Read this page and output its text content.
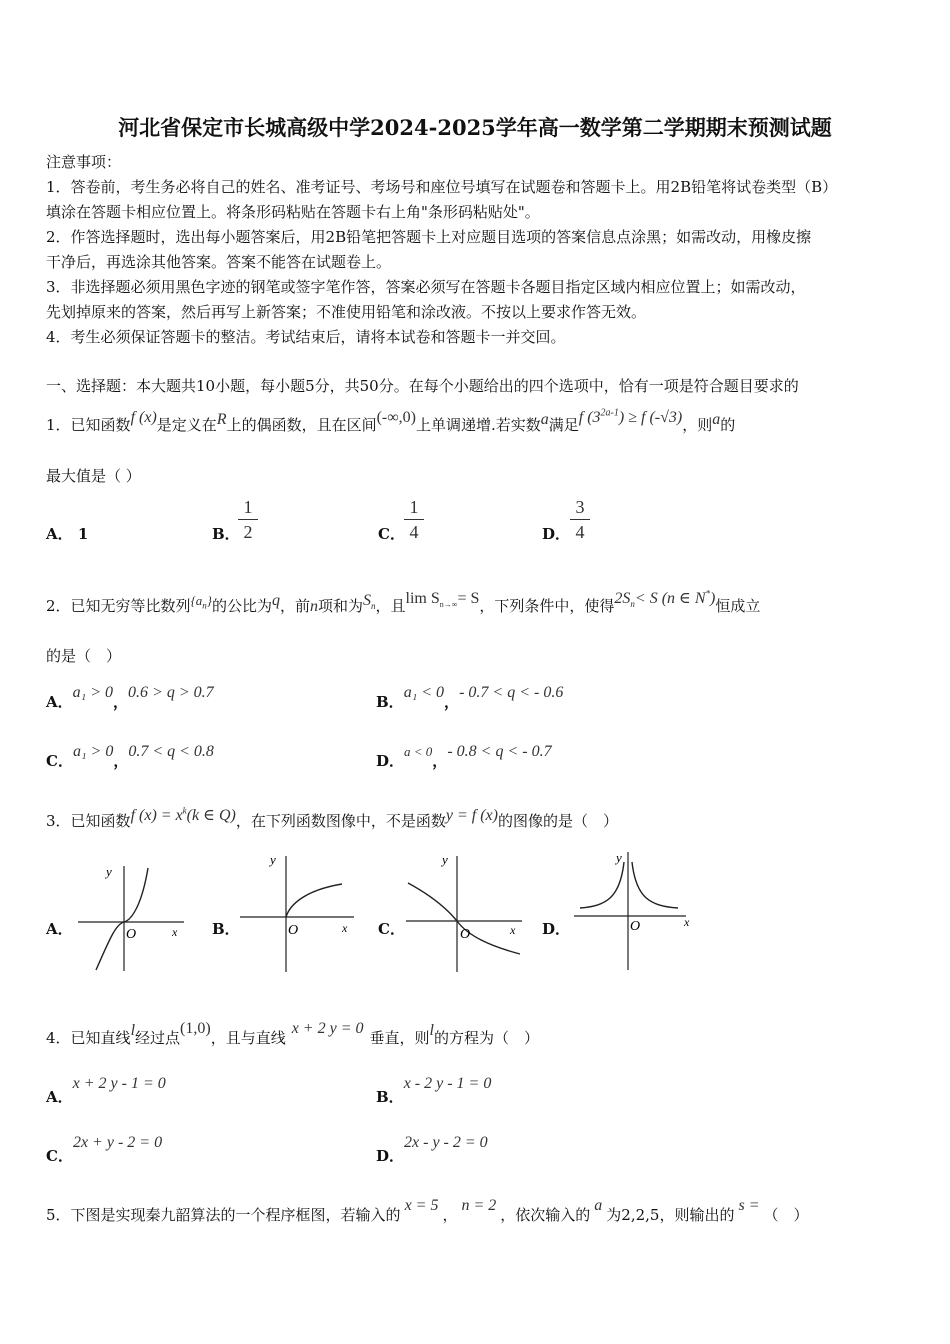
河北省保定市长城高级中学2024-2025学年高一数学第二学期期末预测试题
注意事项：
1．答卷前，考生务必将自己的姓名、准考证号、考场号和座位号填写在试题卷和答题卡上。用2B铅笔将试卷类型（B）
填涂在答题卡相应位置上。将条形码粘贴在答题卡右上角"条形码粘贴处"。
2．作答选择题时，选出每小题答案后，用2B铅笔把答题卡上对应题目选项的答案信息点涂黑；如需改动，用橡皮擦
干净后，再选涂其他答案。答案不能答在试题卷上。
3．非选择题必须用黑色字迹的钢笔或签字笔作答，答案必须写在答题卡各题目指定区域内相应位置上；如需改动，
先划掉原来的答案，然后再写上新答案；不准使用铅笔和涂改液。不按以上要求作答无效。
4．考生必须保证答题卡的整洁。考试结束后，请将本试卷和答题卡一并交回。
一、选择题：本大题共10小题，每小题5分，共50分。在每个小题给出的四个选项中，恰有一项是符合题目要求的
1．已知函数f (x)是定义在R上的偶函数，且在区间(-∞,0)上单调递增.若实数a满足f $(3^{2a-1}) \ge f$ (-√3)，则a的
最大值是（ ）
A． 1	B．
1
2	C．
1
4	D．
3
4
2．已知无穷等比数列$\{a_n\}$的公比为q，前n项和为$S_n$，且$\lim S_{n\to\infty}= S$，下列条件中，使得$2S_n< S$ (n ∈ N*)恒成立
的是（　）
A．a₁ > 0，0.6 > q > 0.7
B．a₁ < 0，- 0.7 < q < - 0.6
C．a₁ > 0，0.7 < q < 0.8
D．a < 0，- 0.8 < q < - 0.7
3．已知函数f $(x) = x^k(k$ ∈ Q)，在下列函数图像中，不是函数y = f (x)的图像的是（　）
A．
y
x
O	B．
y
x
O	C．
y
x
O	D．
y
x
O
4．已知直线l经过点(1,0)，且与直线x + 2 y = 0垂直，则l的方程为（　）
A．x + 2 y - 1 = 0
B．x - 2 y - 1 = 0
C．2x + y - 2 = 0
D．2x - y - 2 = 0
5．下图是实现秦九韶算法的一个程序框图，若输入的x = 5，n = 2，依次输入的a为2,2,5，则输出的s =（　）
